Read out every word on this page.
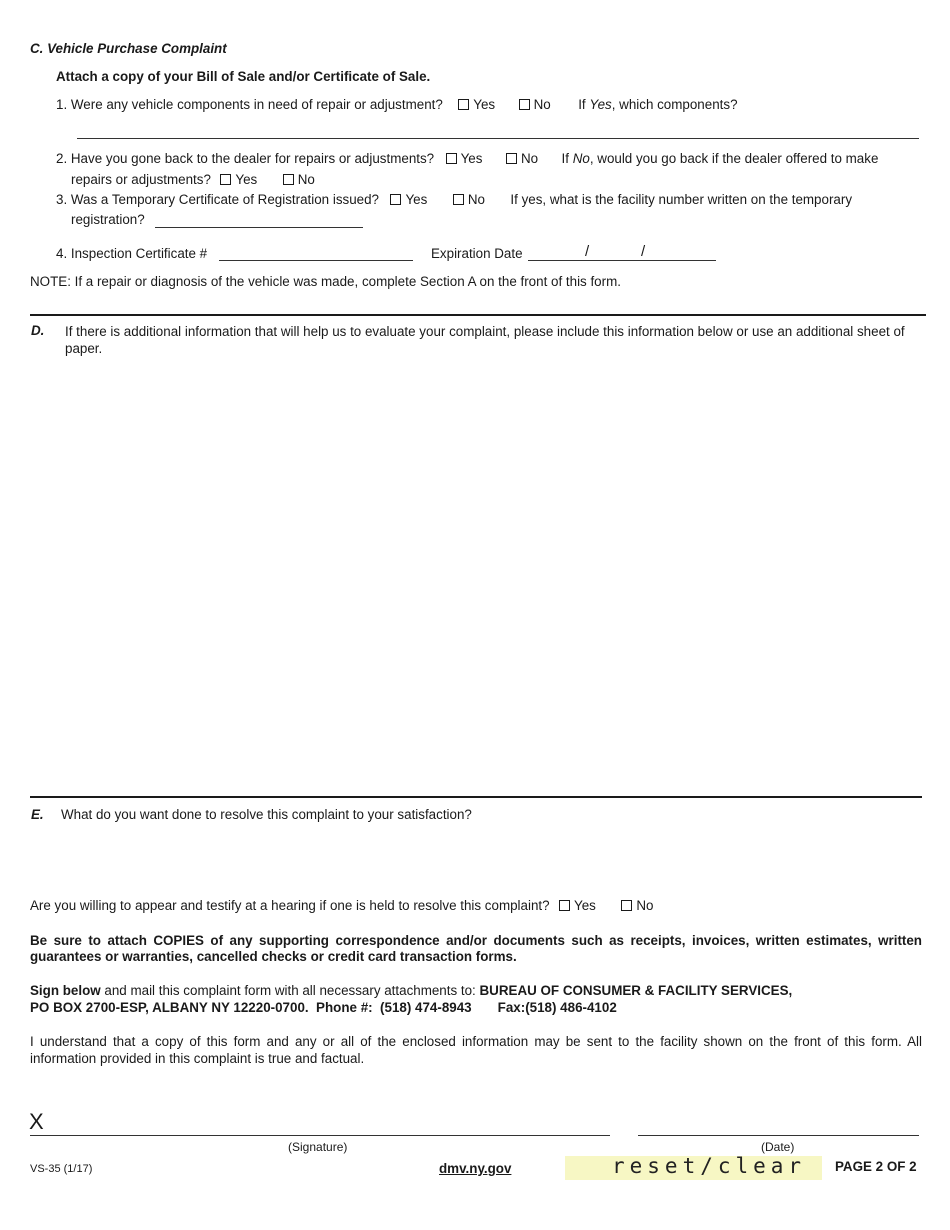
C. Vehicle Purchase Complaint
Attach a copy of your Bill of Sale and/or Certificate of Sale.
1. Were any vehicle components in need of repair or adjustment? Yes	No If Yes, which components?
2. Have you gone back to the dealer for repairs or adjustments? Yes	No If No, would you go back if the dealer offered to make
repairs or adjustments? Yes	No
3. Was a Temporary Certificate of Registration issued? Yes	No If yes, what is the facility number written on the temporary
registration?
4. Inspection Certificate #	Expiration Date	/	/
NOTE: If a repair or diagnosis of the vehicle was made, complete Section A on the front of this form.
D. If there is additional information that will help us to evaluate your complaint, please include this information below or use an additional sheet of paper.
E. What do you want done to resolve this complaint to your satisfaction?
Are you willing to appear and testify at a hearing if one is held to resolve this complaint? Yes	No
Be sure to attach COPIES of any supporting correspondence and/or documents such as receipts, invoices, written estimates, written guarantees or warranties, cancelled checks or credit card transaction forms.
Sign below and mail this complaint form with all necessary attachments to: BUREAU OF CONSUMER & FACILITY SERVICES,
PO BOX 2700-ESP, ALBANY NY 12220-0700.  Phone #:  (518) 474-8943       Fax:(518) 486-4102
I understand that a copy of this form and any or all of the enclosed information may be sent to the facility shown on the front of this form. All information provided in this complaint is true and factual.
X
(Signature)	(Date)
VS-35 (1/17)	dmv.ny.gov	reset/clear PAGE 2 OF 2
